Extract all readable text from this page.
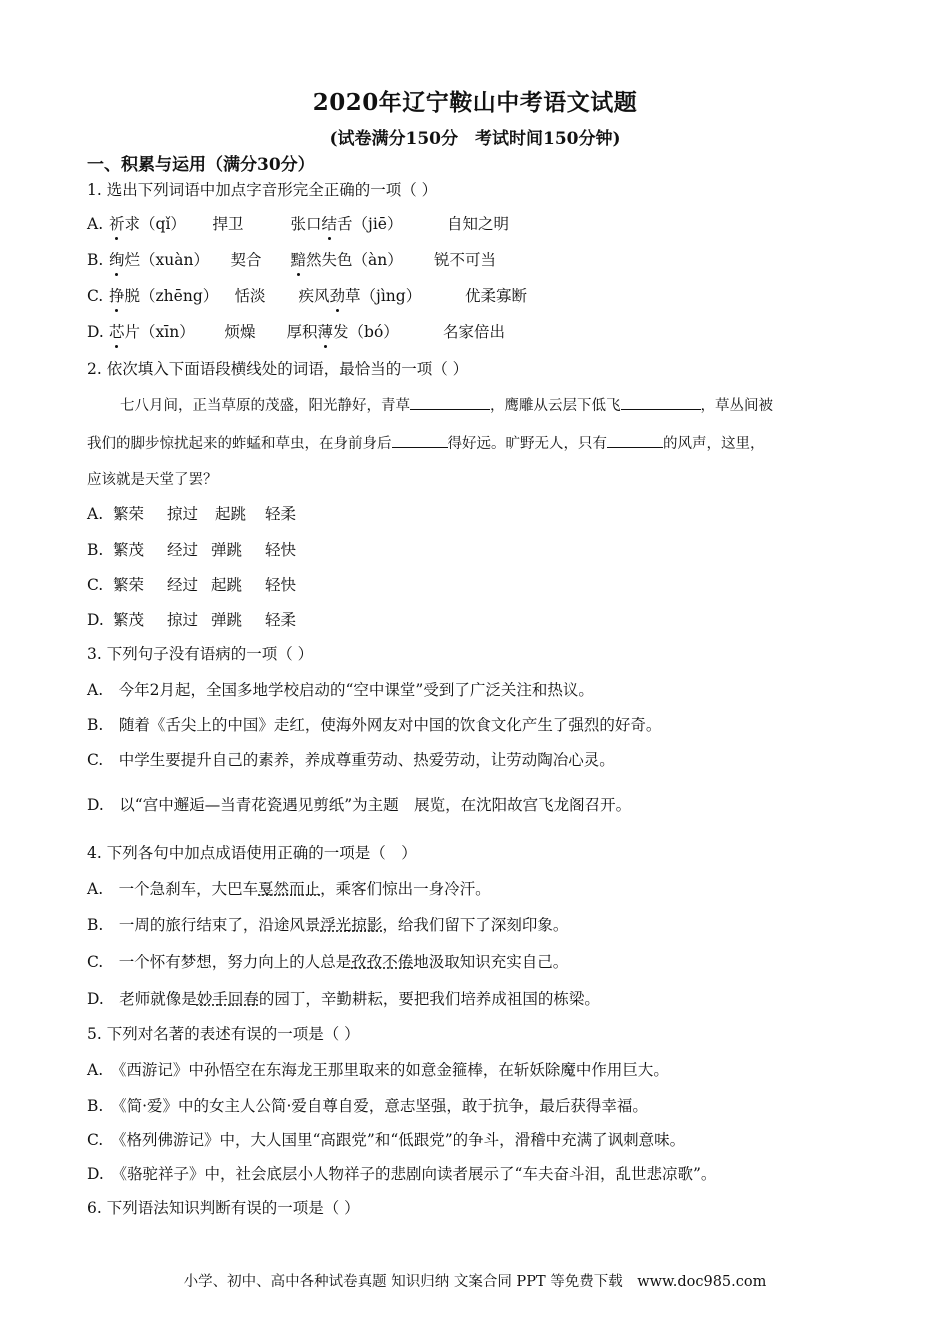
2020年辽宁鞍山中考语文试题
(试卷满分150分　考试时间150分钟)
一、积累与运用（满分30分）
1. 选出下列词语中加点字音形完全正确的一项（ ）
A. 祈求（qǐ） 捍卫	张口结舌（jiē）	自知之明
B. 绚烂（xuàn） 契合 黯然失色（àn） 锐不可当
C. 挣脱（zhēng） 恬淡 疾风劲草（jìng）	优柔寡断
D. 芯片（xīn） 烦燥 厚积薄发（bó）	名家倍出
2. 依次填入下面语段横线处的词语，最恰当的一项（ ）
七八月间，正当草原的茂盛，阳光静好，青草	，鹰雕从云层下低飞	，草丛间被
我们的脚步惊扰起来的蚱蜢和草虫，在身前身后	得好远。旷野无人，只有	的风声，这里，
应该就是天堂了罢？
A. 繁荣 掠过 起跳 轻柔
B. 繁茂 经过 弹跳 轻快
C. 繁荣 经过 起跳 轻快
D. 繁茂 掠过 弹跳 轻柔
3. 下列句子没有语病的一项（ ）
A.　今年2月起，全国多地学校启动的“空中课堂”受到了广泛关注和热议。
B.　随着《舌尖上的中国》走红，使海外网友对中国的饮食文化产生了强烈的好奇。
C.　中学生要提升自己的素养，养成尊重劳动、热爱劳动，让劳动陶冶心灵。
D.　以“宫中邂逅—当青花瓷遇见剪纸”为主题　展览，在沈阳故宫飞龙阁召开。
4. 下列各句中加点成语使用正确的一项是（　）
A.　一个急刹车，大巴车戛然而止，乘客们惊出一身冷汗。
B.　一周的旅行结束了，沿途风景浮光掠影，给我们留下了深刻印象。
C.　一个怀有梦想，努力向上的人总是孜孜不倦地汲取知识充实自己。
D.　老师就像是妙手回春的园丁，辛勤耕耘，要把我们培养成祖国的栋梁。
5. 下列对名著的表述有误的一项是（ ）
A.　《西游记》中孙悟空在东海龙王那里取来的如意金箍棒，在斩妖除魔中作用巨大。
B.　《简·爱》中的女主人公简·爱自尊自爱，意志坚强，敢于抗争，最后获得幸福。
C.　《格列佛游记》中，大人国里“高跟党”和“低跟党”的争斗，滑稽中充满了讽刺意味。
D.　《骆驼祥子》中，社会底层小人物祥子的悲剧向读者展示了“车夫奋斗泪，乱世悲凉歌”。
6. 下列语法知识判断有误的一项是（ ）
小学、初中、高中各种试卷真题 知识归纳 文案合同 PPT 等免费下载　www.doc985.com
